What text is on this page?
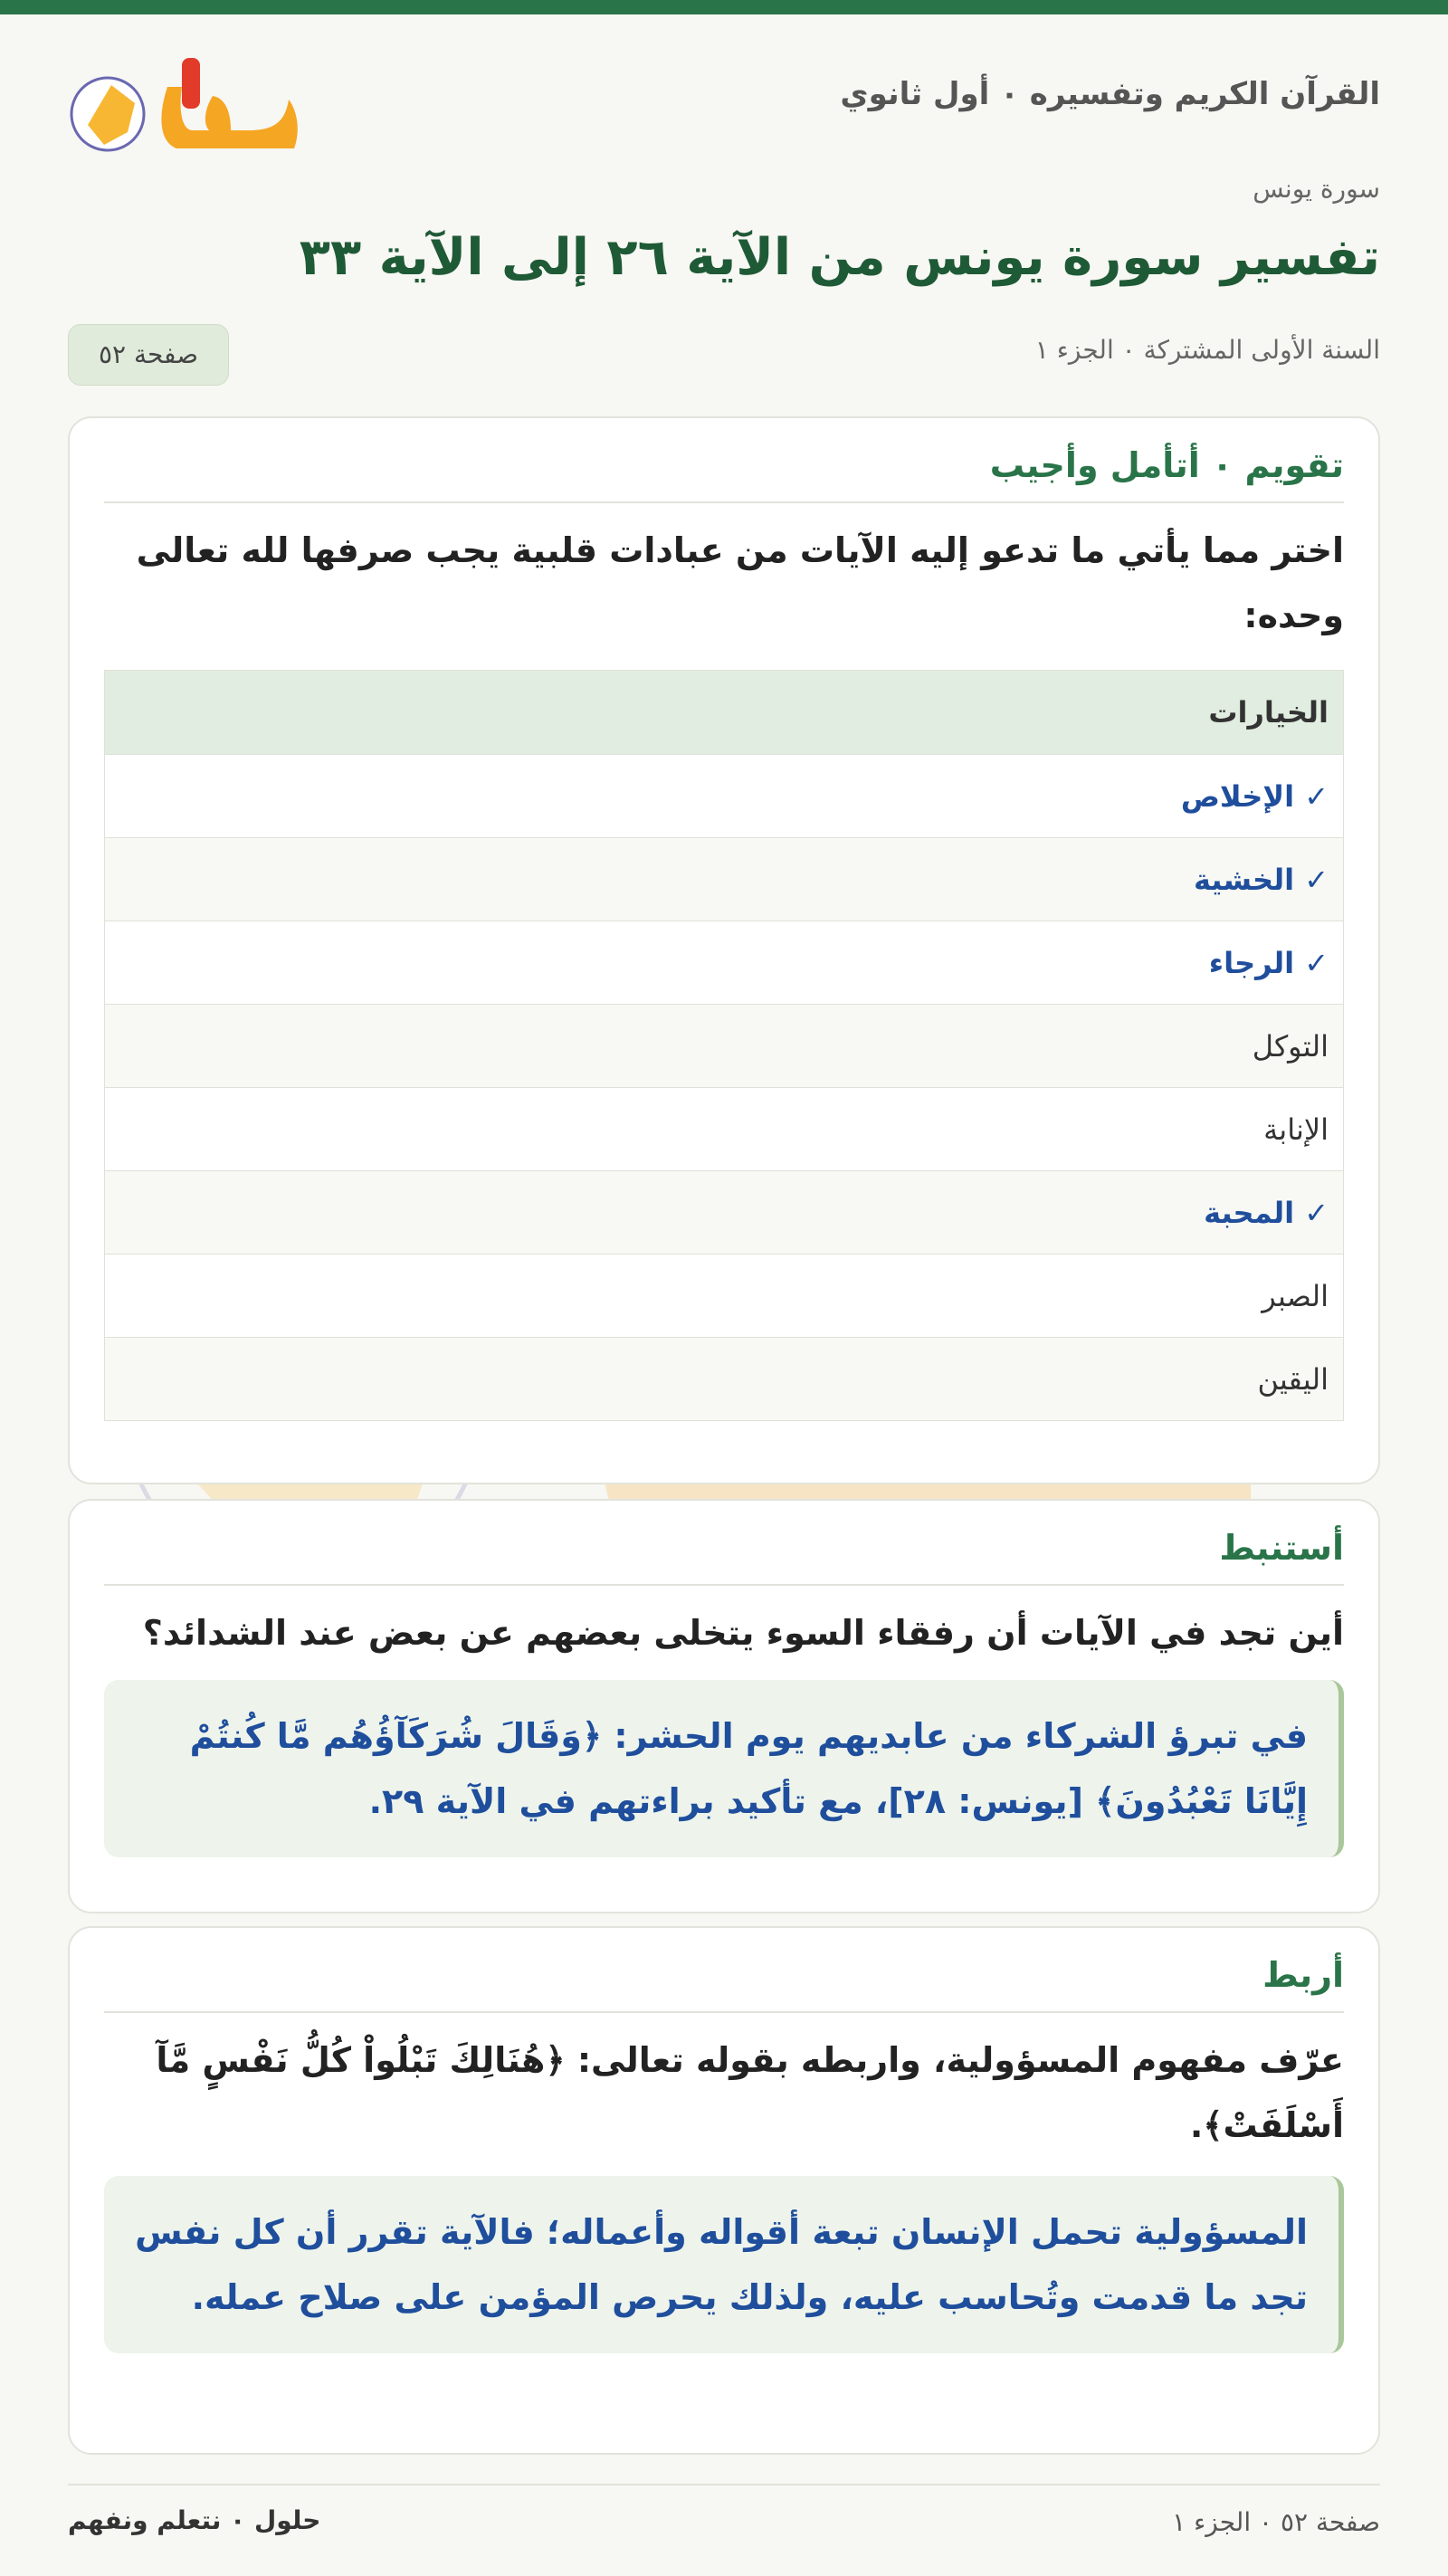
القرآن الكريم وتفسيره ٠ أول ثانوي
سورة يونس
تفسير سورة يونس من الآية ٢٦ إلى الآية ٣٣
السنة الأولى المشتركة ٠ الجزء ١
صفحة ٥٢
تقويم ٠ أتأمل وأجيب

اختر مما يأتي ما تدعو إليه الآيات من عبادات قلبية يجب صرفها لله تعالى وحده:

الخيارات
✓ الإخلاص
✓ الخشية
✓ الرجاء
التوكل
الإنابة
✓ المحبة
الصبر
اليقين
أستنبط

أين تجد في الآيات أن رفقاء السوء يتخلى بعضهم عن بعض عند الشدائد؟

في تبرؤ الشركاء من عابديهم يوم الحشر: ﴿وَقَالَ شُرَكَآؤُهُم مَّا كُنتُمْ إِيَّانَا تَعْبُدُونَ﴾ [يونس: ٢٨]، مع تأكيد براءتهم في الآية ٢٩.
أربط

عرّف مفهوم المسؤولية، واربطه بقوله تعالى: ﴿هُنَالِكَ تَبْلُواْ كُلُّ نَفْسٍ مَّآ أَسْلَفَتْ﴾.

المسؤولية تحمل الإنسان تبعة أقواله وأعماله؛ فالآية تقرر أن كل نفس تجد ما قدمت وتُحاسب عليه، ولذلك يحرص المؤمن على صلاح عمله.
حلول ٠ نتعلم ونفهم	صفحة ٥٢ ٠ الجزء ١
